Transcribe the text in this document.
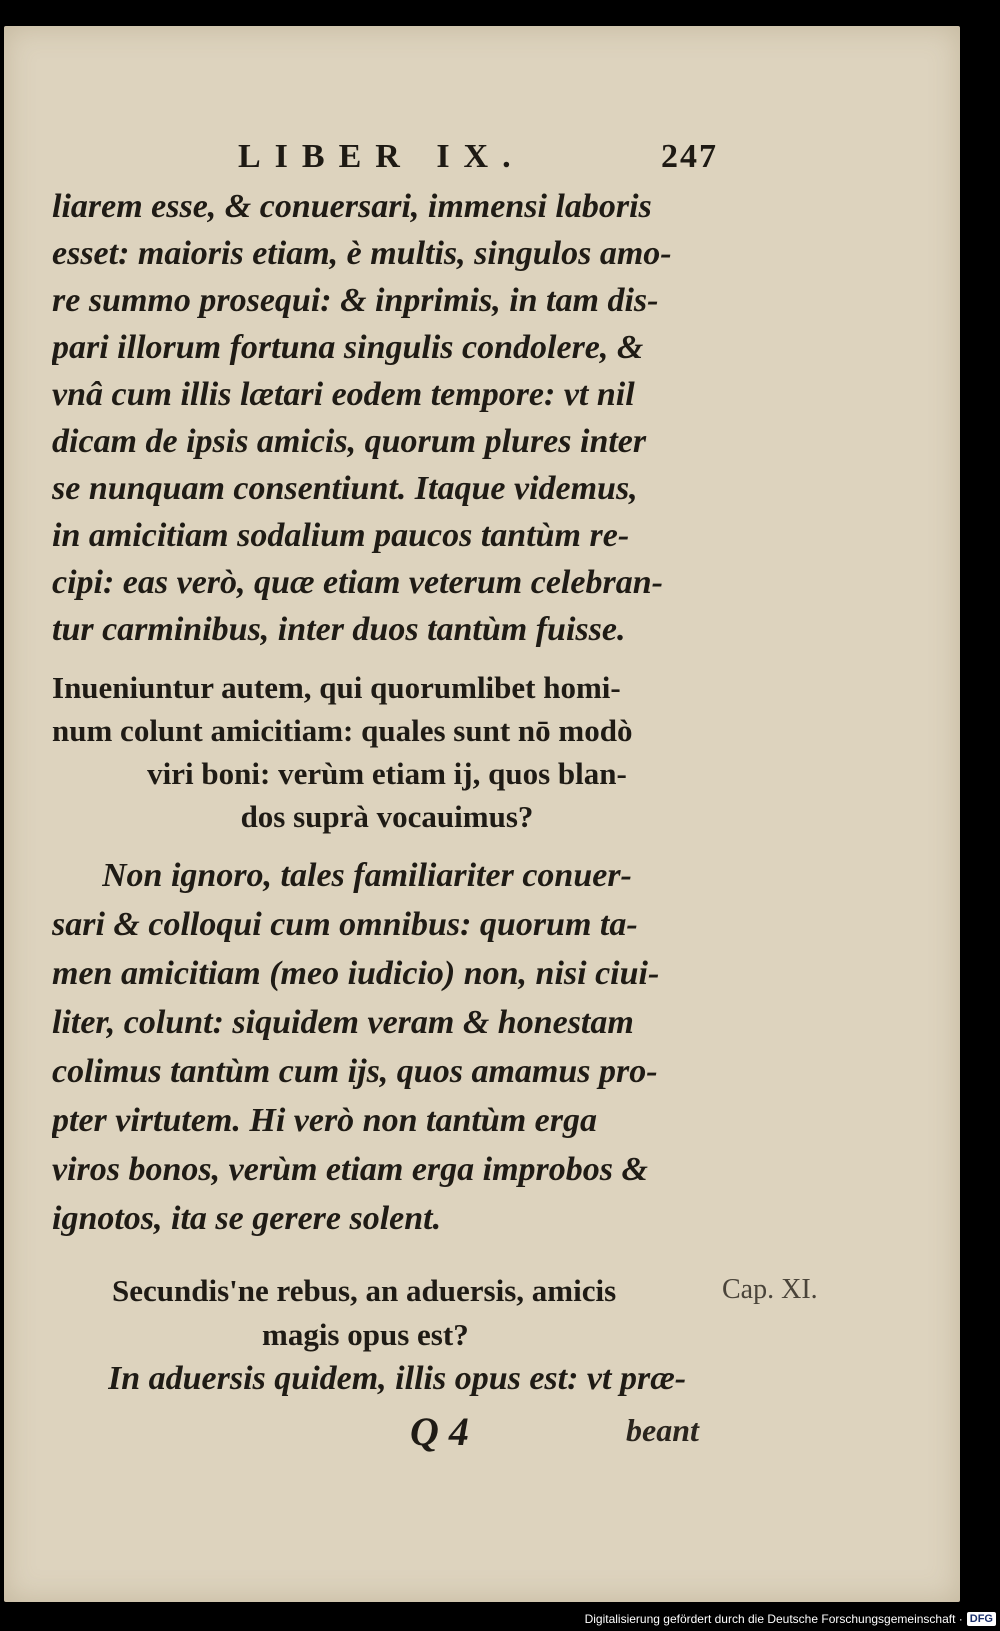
LIBER IX.	247
liarem esse, & conuersari, immensi laboris
esset: maioris etiam, è multis, singulos amo-
re summo prosequi: & inprimis, in tam dis-
pari illorum fortuna singulis condolere, &
vnâ cum illis lætari eodem tempore: vt nil
dicam de ipsis amicis, quorum plures inter
se nunquam consentiunt. Itaque videmus,
in amicitiam sodalium paucos tantùm re-
cipi: eas verò, quæ etiam veterum celebran-
tur carminibus, inter duos tantùm fuisse.
Inueniuntur autem, qui quorumlibet homi-
num colunt amicitiam: quales sunt nō modò
viri boni: verùm etiam ij, quos blan-
dos suprà vocauimus?
Non ignoro, tales familiariter conuer-
sari & colloqui cum omnibus: quorum ta-
men amicitiam (meo iudicio) non, nisi ciui-
liter, colunt: siquidem veram & honestam
colimus tantùm cum ijs, quos amamus pro-
pter virtutem. Hi verò non tantùm erga
viros bonos, verùm etiam erga improbos &
ignotos, ita se gerere solent.
Secundis'ne rebus, an aduersis, amicis
magis opus est?
Cap. XI.
In aduersis quidem, illis opus est: vt præ-
Q 4	beant
Digitalisierung gefördert durch die Deutsche Forschungsgemeinschaft · DFG
